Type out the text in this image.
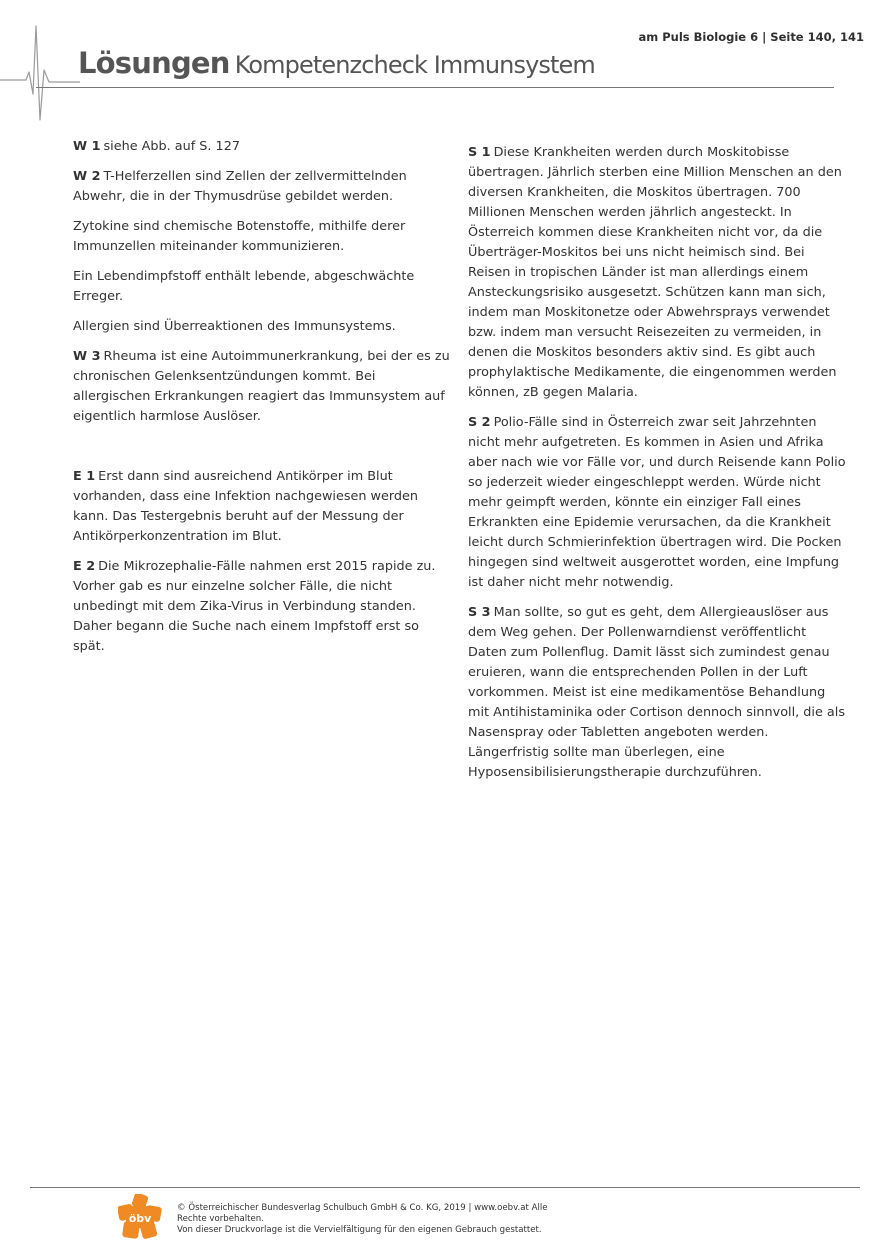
am Puls Biologie 6 | Seite 140, 141
Lösungen Kompetenzcheck Immunsystem

W 1 siehe Abb. auf S. 127

W 2 T-Helferzellen sind Zellen der zellvermittelnden Abwehr, die in der Thymusdrüse gebildet werden.

Zytokine sind chemische Botenstoffe, mithilfe derer Immunzellen miteinander kommunizieren.

Ein Lebendimpfstoff enthält lebende, abgeschwächte Erreger.

Allergien sind Überreaktionen des Immunsystems.

W 3 Rheuma ist eine Autoimmunerkrankung, bei der es zu chronischen Gelenksentzündungen kommt. Bei allergischen Erkrankungen reagiert das Immunsystem auf eigentlich harmlose Auslöser.

E 1 Erst dann sind ausreichend Antikörper im Blut vorhanden, dass eine Infektion nachgewiesen werden kann. Das Testergebnis beruht auf der Messung der Antikörperkonzentration im Blut.

E 2 Die Mikrozephalie-Fälle nahmen erst 2015 rapide zu. Vorher gab es nur einzelne solcher Fälle, die nicht unbedingt mit dem Zika-Virus in Verbindung standen. Daher begann die Suche nach einem Impfstoff erst so spät.

S 1 Diese Krankheiten werden durch Moskitobisse übertragen. Jährlich sterben eine Million Menschen an den diversen Krankheiten, die Moskitos übertragen. 700 Millionen Menschen werden jährlich angesteckt. In Österreich kommen diese Krankheiten nicht vor, da die Überträger-Moskitos bei uns nicht heimisch sind. Bei Reisen in tropischen Länder ist man allerdings einem Ansteckungsrisiko ausgesetzt. Schützen kann man sich, indem man Moskitonetze oder Abwehrsprays verwendet bzw. indem man versucht Reisezeiten zu vermeiden, in denen die Moskitos besonders aktiv sind. Es gibt auch prophylaktische Medikamente, die eingenommen werden können, zB gegen Malaria.

S 2 Polio-Fälle sind in Österreich zwar seit Jahrzehnten nicht mehr aufgetreten. Es kommen in Asien und Afrika aber nach wie vor Fälle vor, und durch Reisende kann Polio so jederzeit wieder eingeschleppt werden. Würde nicht mehr geimpft werden, könnte ein einziger Fall eines Erkrankten eine Epidemie verursachen, da die Krankheit leicht durch Schmierinfektion übertragen wird. Die Pocken hingegen sind weltweit ausgerottet worden, eine Impfung ist daher nicht mehr notwendig.

S 3 Man sollte, so gut es geht, dem Allergieauslöser aus dem Weg gehen. Der Pollenwarndienst veröffentlicht Daten zum Pollenflug. Damit lässt sich zumindest genau eruieren, wann die entsprechenden Pollen in der Luft vorkommen. Meist ist eine medikamentöse Behandlung mit Antihistaminika oder Cortison dennoch sinnvoll, die als Nasenspray oder Tabletten angeboten werden. Längerfristig sollte man überlegen, eine Hyposensibilisierungstherapie durchzuführen.

öbv
© Österreichischer Bundesverlag Schulbuch GmbH & Co. KG, 2019 | www.oebv.at Alle
Rechte vorbehalten.
Von dieser Druckvorlage ist die Vervielfältigung für den eigenen Gebrauch gestattet.
